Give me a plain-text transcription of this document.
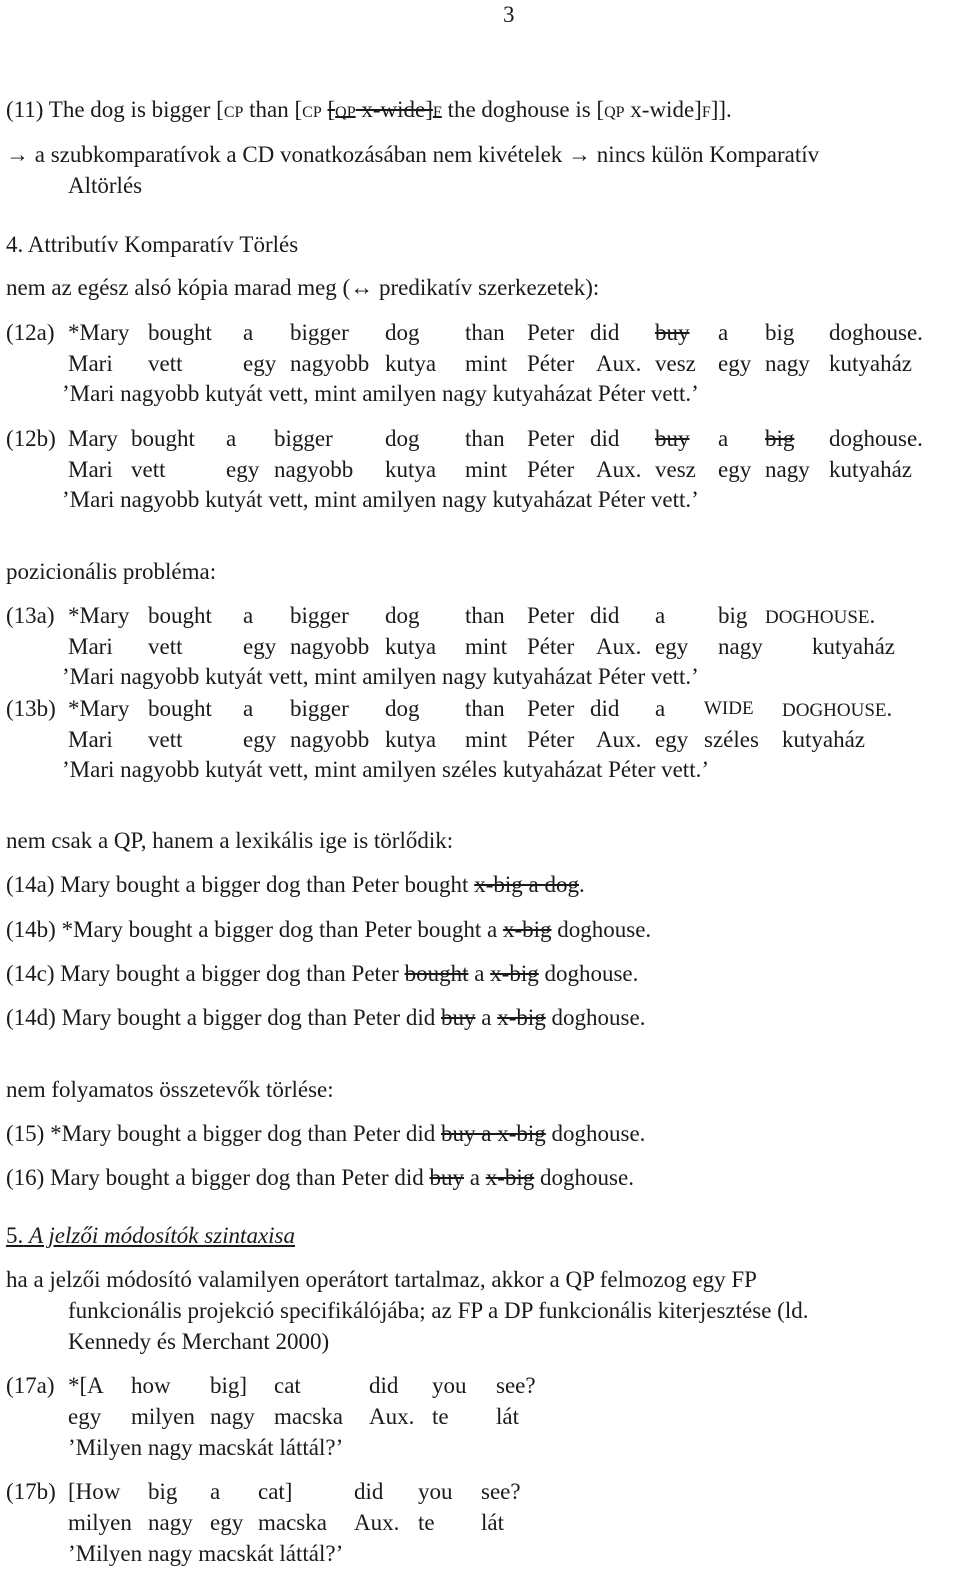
3
(11) The dog is bigger [CP than [CP [QP x-wide]F the doghouse is [QP x-wide]F]].
→ a szubkomparatívok a CD vonatkozásában nem kivételek → nincs külön Komparatív
Altörlés
4. Attributív Komparatív Törlés
nem az egész alsó kópia marad meg (↔ predikatív szerkezetek):
(12a) *Mary bought a bigger dog than Peter did buy a big doghouse.
Mari vett	egy nagyobb kutya mint Péter Aux. vesz egy nagy kutyaház
’Mari nagyobb kutyát vett, mint amilyen nagy kutyaházat Péter vett.’
(12b) Mary bought a bigger dog than Peter did buy a big doghouse.
Mari vett	egy nagyobb kutya mint Péter Aux. vesz egy nagy kutyaház
’Mari nagyobb kutyát vett, mint amilyen nagy kutyaházat Péter vett.’
pozicionális probléma:
(13a) *Mary bought a bigger dog than Peter did a big DOGHOUSE.
Mari vett	egy nagyobb kutya mint Péter Aux. egy nagy kutyaház
’Mari nagyobb kutyát vett, mint amilyen nagy kutyaházat Péter vett.’
(13b) *Mary bought a bigger dog than Peter did a WIDE DOGHOUSE.
Mari vett	egy nagyobb kutya mint Péter Aux. egy széles kutyaház
’Mari nagyobb kutyát vett, mint amilyen széles kutyaházat Péter vett.’
nem csak a QP, hanem a lexikális ige is törlődik:
(14a) Mary bought a bigger dog than Peter bought x-big a dog.
(14b) *Mary bought a bigger dog than Peter bought a x-big doghouse.
(14c) Mary bought a bigger dog than Peter bought a x-big doghouse.
(14d) Mary bought a bigger dog than Peter did buy a x-big doghouse.
nem folyamatos összetevők törlése:
(15) *Mary bought a bigger dog than Peter did buy a x-big doghouse.
(16) Mary bought a bigger dog than Peter did buy a x-big doghouse.
5. A jelzői módosítók szintaxisa
ha a jelzői módosító valamilyen operátort tartalmaz, akkor a QP felmozog egy FP
funkcionális projekció specifikálójába; az FP a DP funkcionális kiterjesztése (ld.
Kennedy és Merchant 2000)
(17a) *[A how big] cat	did you see?
egy milyen nagy macska Aux. te lát
’Milyen nagy macskát láttál?’
(17b) [How big a cat]	did you see?
milyen nagy egy macska Aux. te lát
’Milyen nagy macskát láttál?’
